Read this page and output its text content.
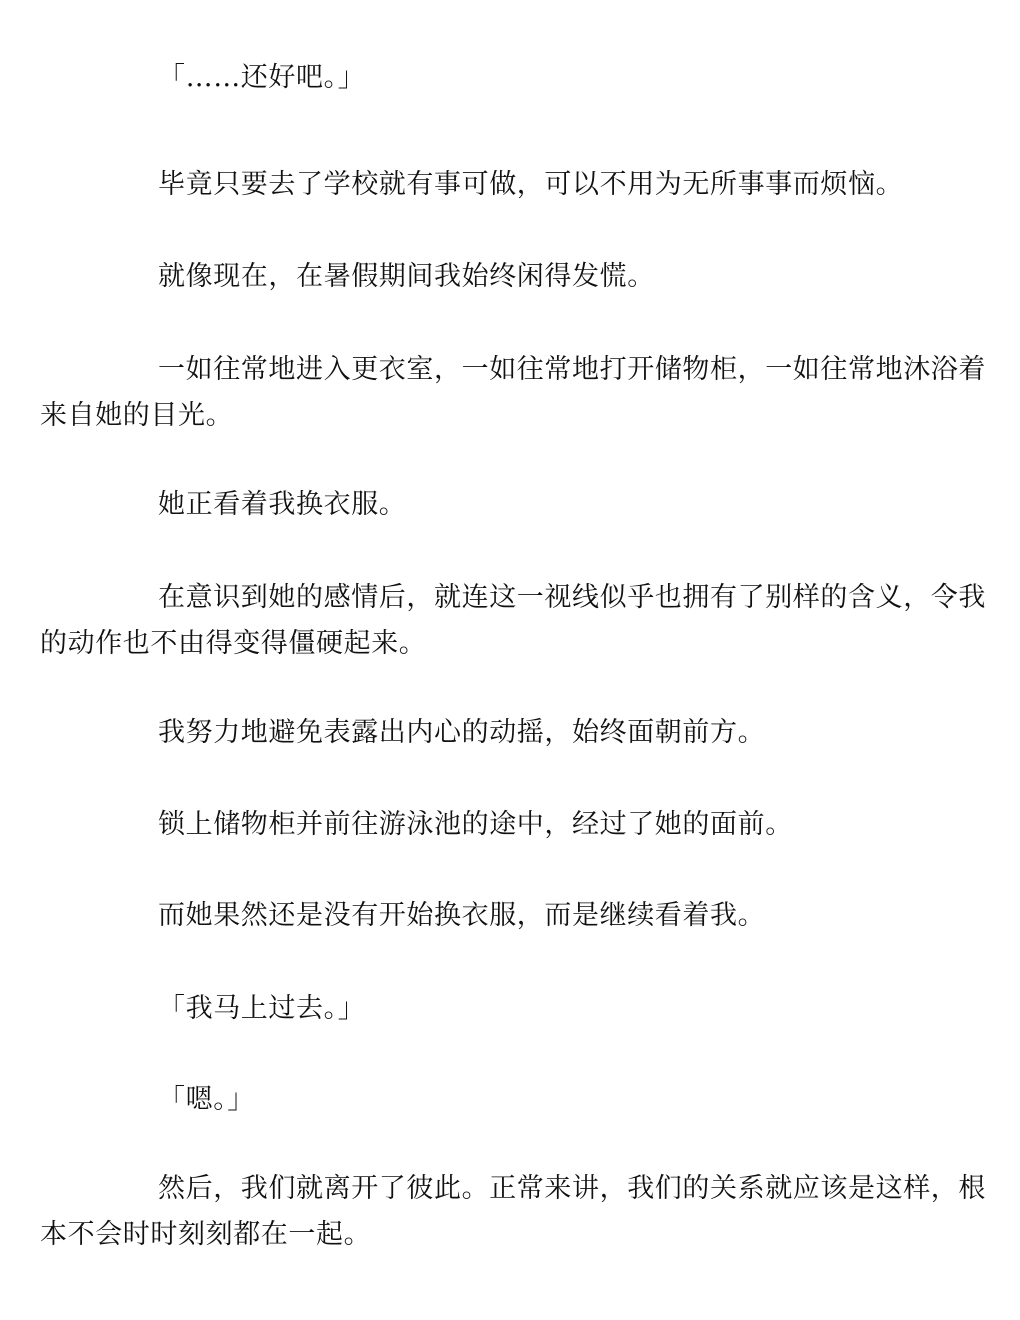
「……还好吧。」

毕竟只要去了学校就有事可做，可以不用为无所事事而烦恼。

就像现在，在暑假期间我始终闲得发慌。

一如往常地进入更衣室，一如往常地打开储物柜，一如往常地沐浴着来自她的目光。

她正看着我换衣服。

在意识到她的感情后，就连这一视线似乎也拥有了别样的含义，令我的动作也不由得变得僵硬起来。

我努力地避免表露出内心的动摇，始终面朝前方。

锁上储物柜并前往游泳池的途中，经过了她的面前。

而她果然还是没有开始换衣服，而是继续看着我。

「我马上过去。」

「嗯。」

然后，我们就离开了彼此。正常来讲，我们的关系就应该是这样，根本不会时时刻刻都在一起。
